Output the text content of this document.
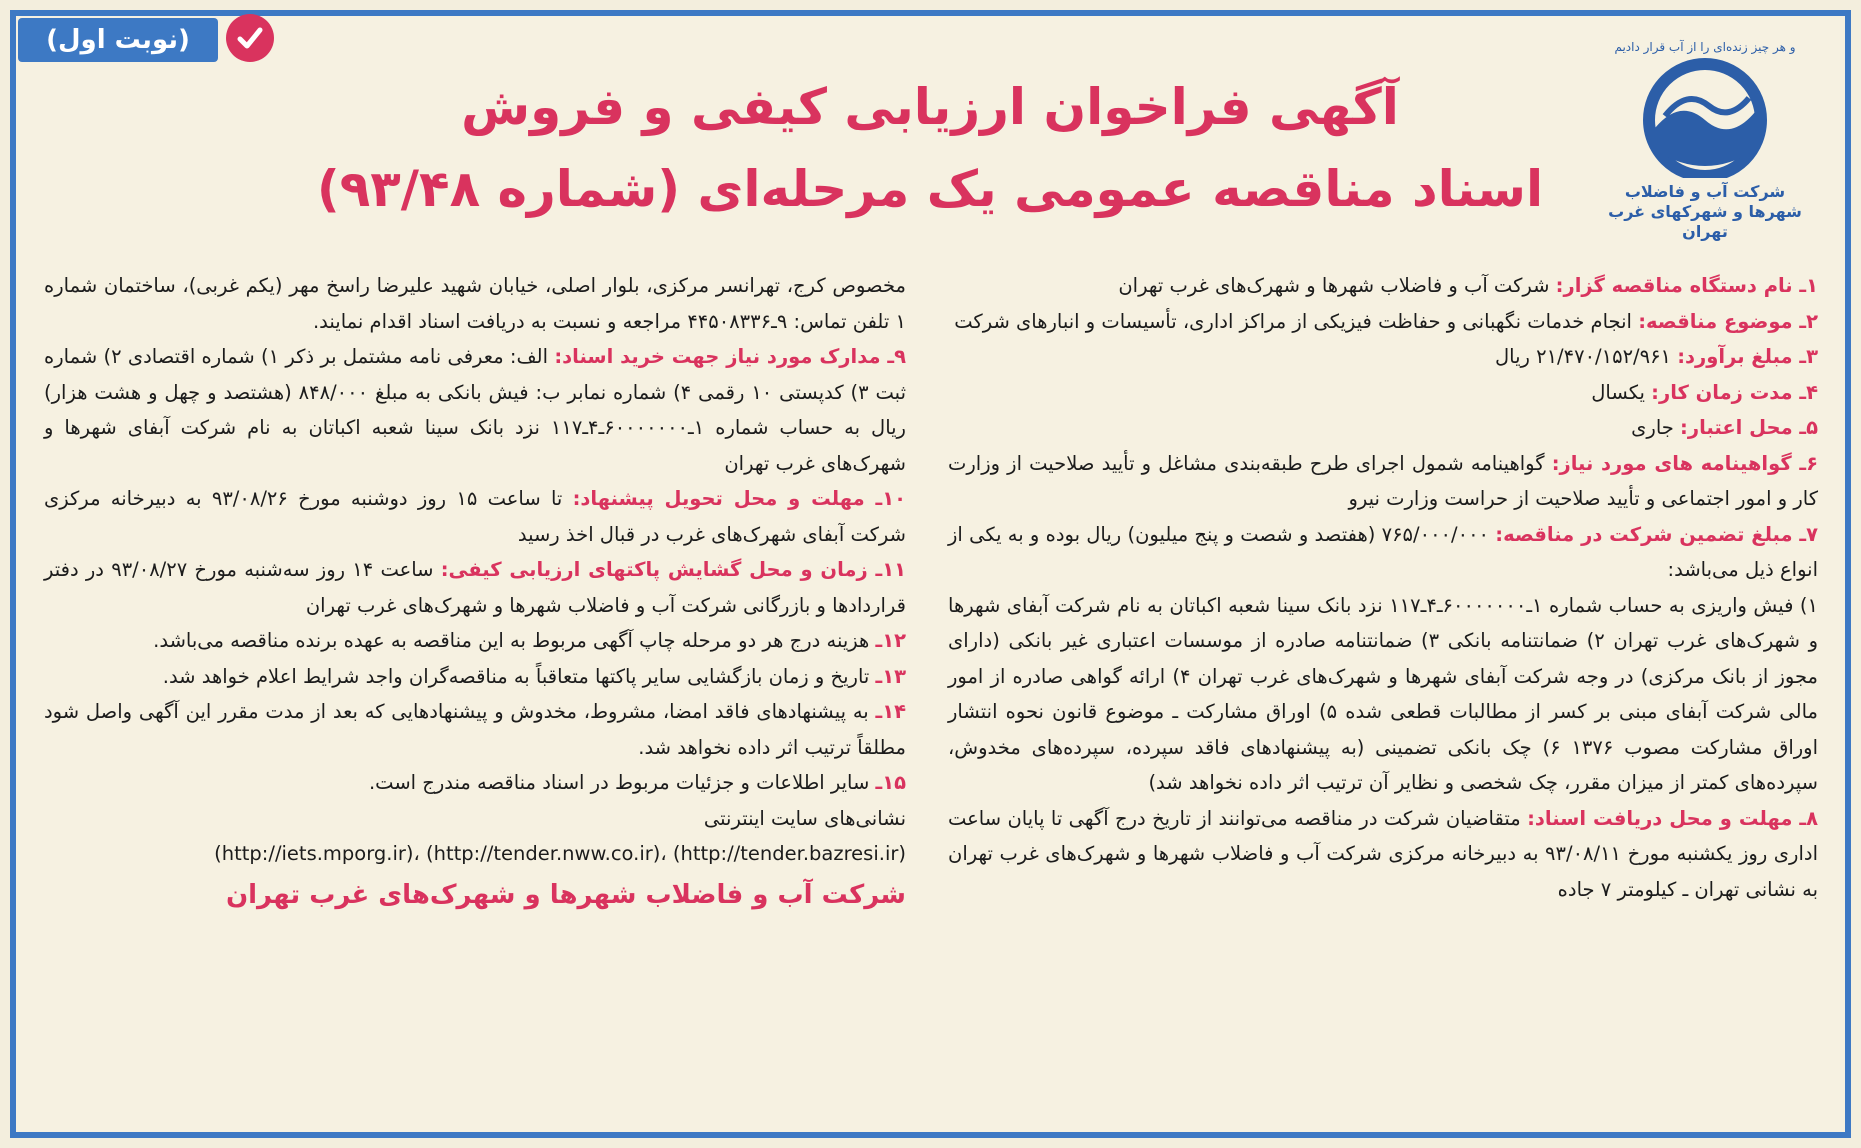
(نوبت اول)	و هر چیز زنده‌ای را از آب قرار دادیم
شرکت آب و فاضلاب
شهرها و شهرکهای غرب تهران
آگهی فراخوان ارزیابی کیفی و فروش
اسناد مناقصه عمومی یک مرحله‌ای (شماره ۹۳/۴۸)
۱ـ نام دستگاه مناقصه گزار: شرکت آب و فاضلاب شهرها و شهرک‌های غرب تهران
۲ـ موضوع مناقصه: انجام خدمات نگهبانی و حفاظت فیزیکی از مراکز اداری، تأسیسات و انبارهای شرکت
۳ـ مبلغ برآورد: ۲۱/۴۷۰/۱۵۲/۹۶۱ ریال
۴ـ مدت زمان کار: یکسال
۵ـ محل اعتبار: جاری
۶ـ گواهینامه های مورد نیاز: گواهینامه شمول اجرای طرح طبقه‌بندی مشاغل و تأیید صلاحیت از وزارت کار و امور اجتماعی و تأیید صلاحیت از حراست وزارت نیرو
۷ـ مبلغ تضمین شرکت در مناقصه: ۷۶۵/۰۰۰/۰۰۰ (هفتصد و شصت و پنج میلیون) ریال بوده و به یکی از انواع ذیل می‌باشد:
۱) فیش واریزی به حساب شماره ۱ـ۶۰۰۰۰۰۰۰ـ۴ـ۱۱۷ نزد بانک سینا شعبه اکباتان به نام شرکت آبفای شهرها و شهرک‌های غرب تهران ۲) ضمانتنامه بانکی ۳) ضمانتنامه صادره از موسسات اعتباری غیر بانکی (دارای مجوز از بانک مرکزی) در وجه شرکت آبفای شهرها و شهرک‌های غرب تهران ۴) ارائه گواهی صادره از امور مالی شرکت آبفای مبنی بر کسر از مطالبات قطعی شده ۵) اوراق مشارکت ـ موضوع قانون نحوه انتشار اوراق مشارکت مصوب ۱۳۷۶ ۶) چک بانکی تضمینی (به پیشنهادهای فاقد سپرده، سپرده‌های مخدوش، سپرده‌های کمتر از میزان مقرر، چک شخصی و نظایر آن ترتیب اثر داده نخواهد شد)
۸ـ مهلت و محل دریافت اسناد: متقاضیان شرکت در مناقصه می‌توانند از تاریخ درج آگهی تا پایان ساعت اداری روز یکشنبه مورخ ۹۳/۰۸/۱۱ به دبیرخانه مرکزی شرکت آب و فاضلاب شهرها و شهرک‌های غرب تهران به نشانی تهران ـ کیلومتر ۷ جاده
مخصوص کرج، تهرانسر مرکزی، بلوار اصلی، خیابان شهید علیرضا راسخ مهر (یکم غربی)، ساختمان شماره ۱ تلفن تماس: ۹ـ۴۴۵۰۸۳۳۶ مراجعه و نسبت به دریافت اسناد اقدام نمایند.
۹ـ مدارک مورد نیاز جهت خرید اسناد: الف: معرفی نامه مشتمل بر ذکر ۱) شماره اقتصادی ۲) شماره ثبت ۳) کدپستی ۱۰ رقمی ۴) شماره نمابر ب: فیش بانکی به مبلغ ۸۴۸/۰۰۰ (هشتصد و چهل و هشت هزار) ریال به حساب شماره ۱ـ۶۰۰۰۰۰۰۰ـ۴ـ۱۱۷ نزد بانک سینا شعبه اکباتان به نام شرکت آبفای شهرها و شهرک‌های غرب تهران
۱۰ـ مهلت و محل تحویل پیشنهاد: تا ساعت ۱۵ روز دوشنبه مورخ ۹۳/۰۸/۲۶ به دبیرخانه مرکزی شرکت آبفای شهرک‌های غرب در قبال اخذ رسید
۱۱ـ زمان و محل گشایش پاکتهای ارزیابی کیفی: ساعت ۱۴ روز سه‌شنبه مورخ ۹۳/۰۸/۲۷ در دفتر قراردادها و بازرگانی شرکت آب و فاضلاب شهرها و شهرک‌های غرب تهران
۱۲ـ هزینه درج هر دو مرحله چاپ آگهی مربوط به این مناقصه به عهده برنده مناقصه می‌باشد.
۱۳ـ تاریخ و زمان بازگشایی سایر پاکتها متعاقباً به مناقصه‌گران واجد شرایط اعلام خواهد شد.
۱۴ـ به پیشنهادهای فاقد امضا، مشروط، مخدوش و پیشنهادهایی که بعد از مدت مقرر این آگهی واصل شود مطلقاً ترتیب اثر داده نخواهد شد.
۱۵ـ سایر اطلاعات و جزئیات مربوط در اسناد مناقصه مندرج است.
نشانی‌های سایت اینترنتی
(http://iets.mporg.ir)، (http://tender.nww.co.ir)، (http://tender.bazresi.ir)
شرکت آب و فاضلاب شهرها و شهرک‌های غرب تهران
